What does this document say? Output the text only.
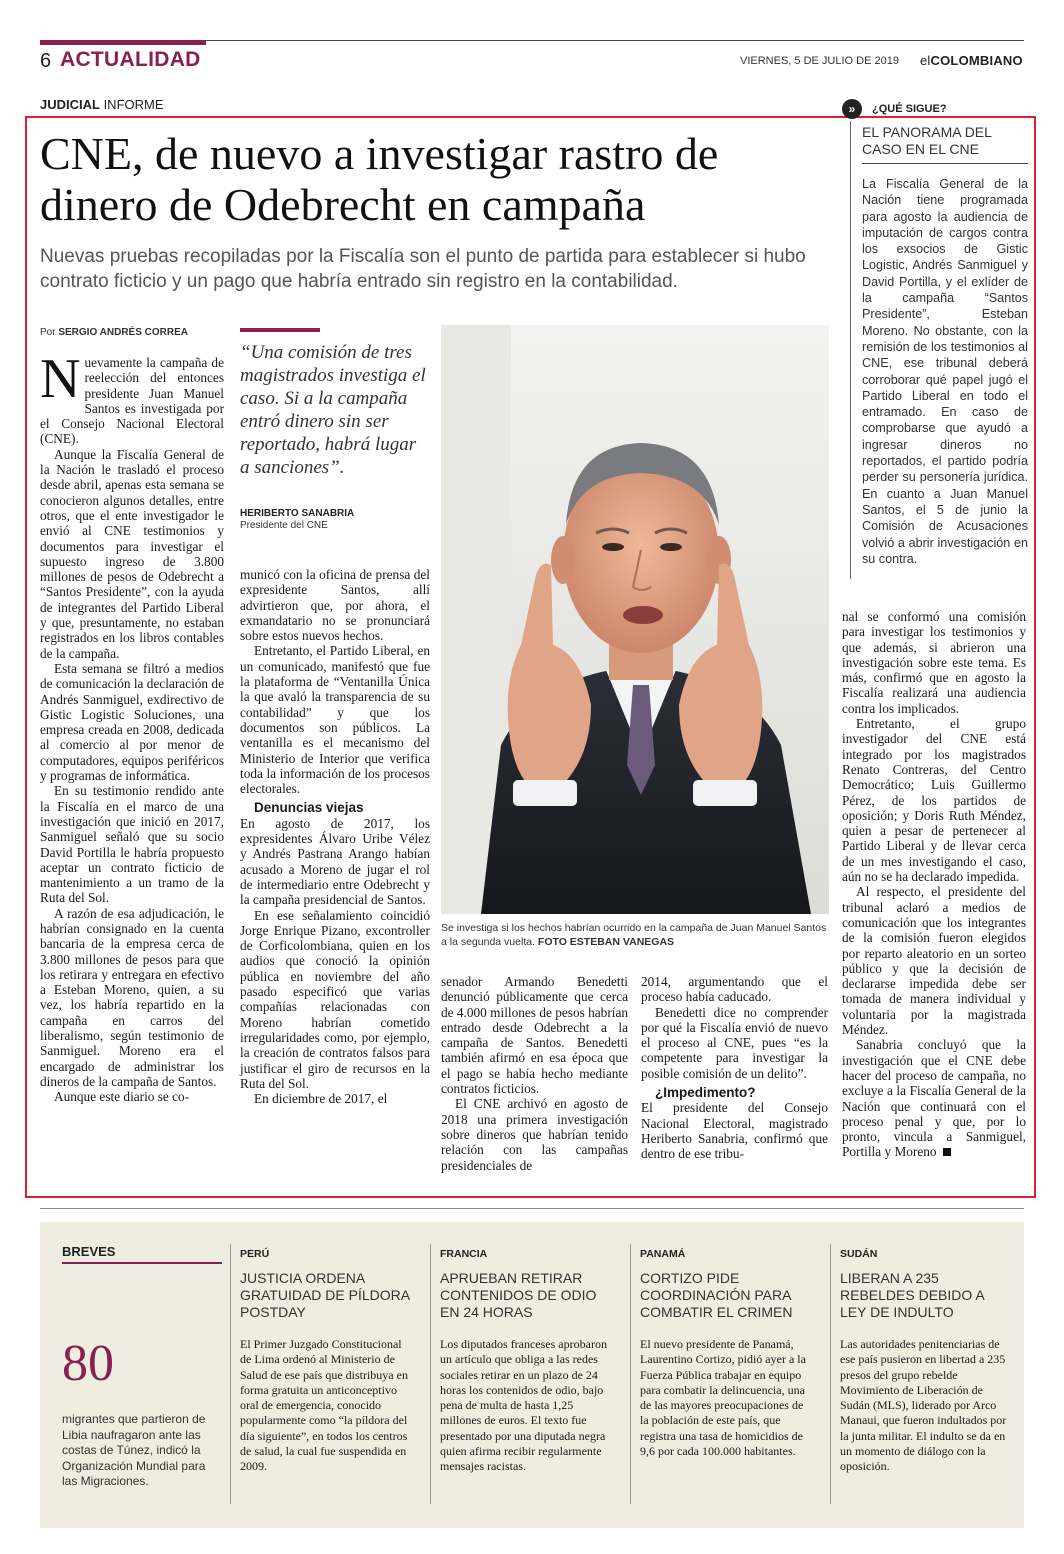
6 ACTUALIDAD	VIERNES, 5 DE JULIO DE 2019 elCOLOMBIANO
JUDICIAL INFORME
CNE, de nuevo a investigar rastro de dinero de Odebrecht en campaña
Nuevas pruebas recopiladas por la Fiscalía son el punto de partida para establecer si hubo contrato ficticio y un pago que habría entrado sin registro en la contabilidad.
»	¿QUÉ SIGUE?
EL PANORAMA DEL CASO EN EL CNE
La Fiscalía General de la Nación tiene programada para agosto la audiencia de imputación de cargos contra los exsocios de Gistic Logistic, Andrés Sanmiguel y David Portilla, y el exlíder de la campaña “Santos Presidente”, Esteban Moreno. No obstante, con la remisión de los testimonios al CNE, ese tribunal deberá corroborar qué papel jugó el Partido Liberal en todo el entramado. En caso de comprobarse que ayudó a ingresar dineros no reportados, el partido podría perder su personería jurídica. En cuanto a Juan Manuel Santos, el 5 de junio la Comisión de Acusaciones volvió a abrir investigación en su contra.
Por SERGIO ANDRÉS CORREA

Nuevamente la campaña de reelección del entonces presidente Juan Manuel Santos es investigada por el Consejo Nacional Electoral (CNE).

Aunque la Fiscalía General de la Nación le trasladó el proceso desde abril, apenas esta semana se conocieron algunos detalles, entre otros, que el ente investigador le envió al CNE testimonios y documentos para investigar el supuesto ingreso de 3.800 millones de pesos de Odebrecht a “Santos Presidente”, con la ayuda de integrantes del Partido Liberal y que, presuntamente, no estaban registrados en los libros contables de la campaña.

Esta semana se filtró a medios de comunicación la declaración de Andrés Sanmiguel, exdirectivo de Gistic Logistic Soluciones, una empresa creada en 2008, dedicada al comercio al por menor de computadores, equipos periféricos y programas de informática.

En su testimonio rendido ante la Fiscalía en el marco de una investigación que inició en 2017, Sanmiguel señaló que su socio David Portilla le habría propuesto aceptar un contrato ficticio de mantenimiento a un tramo de la Ruta del Sol.

A razón de esa adjudicación, le habrían consignado en la cuenta bancaria de la empresa cerca de 3.800 millones de pesos para que los retirara y entregara en efectivo a Esteban Moreno, quien, a su vez, los habría repartido en la campaña en carros del liberalismo, según testimonio de Sanmiguel. Moreno era el encargado de administrar los dineros de la campaña de Santos.

Aunque este diario se co-

“Una comisión de tres magistrados investiga el caso. Si a la campaña entró dinero sin ser reportado, habrá lugar a sanciones”.
HERIBERTO SANABRIA
Presidente del CNE

municó con la oficina de prensa del expresidente Santos, allí advirtieron que, por ahora, el exmandatario no se pronunciará sobre estos nuevos hechos.

Entretanto, el Partido Liberal, en un comunicado, manifestó que fue la plataforma de “Ventanilla Única la que avaló la transparencia de su contabilidad” y que los documentos son públicos. La ventanilla es el mecanismo del Ministerio de Interior que verifica toda la información de los procesos electorales.

Denuncias viejas

En agosto de 2017, los expresidentes Álvaro Uribe Vélez y Andrés Pastrana Arango habían acusado a Moreno de jugar el rol de intermediario entre Odebrecht y la campaña presidencial de Santos.

En ese señalamiento coincidió Jorge Enrique Pizano, excontroller de Corficolombiana, quien en los audios que conoció la opinión pública en noviembre del año pasado especificó que varias compañías relacionadas con Moreno habrían cometido irregularidades como, por ejemplo, la creación de contratos falsos para justificar el giro de recursos en la Ruta del Sol.

En diciembre de 2017, el

Se investiga si los hechos habrían ocurrido en la campaña de Juan Manuel Santos a la segunda vuelta. FOTO ESTEBAN VANEGAS

senador Armando Benedetti denunció públicamente que cerca de 4.000 millones de pesos habrían entrado desde Odebrecht a la campaña de Santos. Benedetti también afirmó en esa época que el pago se había hecho mediante contratos ficticios.

El CNE archivó en agosto de 2018 una primera investigación sobre dineros que habrían tenido relación con las campañas presidenciales de

2014, argumentando que el proceso había caducado.

Benedetti dice no comprender por qué la Fiscalía envió de nuevo el proceso al CNE, pues “es la competente para investigar la posible comisión de un delito”.

¿Impedimento?

El presidente del Consejo Nacional Electoral, magistrado Heriberto Sanabria, confirmó que dentro de ese tribu-

nal se conformó una comisión para investigar los testimonios y que además, si abrieron una investigación sobre este tema. Es más, confirmó que en agosto la Fiscalía realizará una audiencia contra los implicados.

Entretanto, el grupo investigador del CNE está integrado por los magistrados Renato Contreras, del Centro Democrático; Luis Guillermo Pérez, de los partidos de oposición; y Doris Ruth Méndez, quien a pesar de pertenecer al Partido Liberal y de llevar cerca de un mes investigando el caso, aún no se ha declarado impedida.

Al respecto, el presidente del tribunal aclaró a medios de comunicación que los integrantes de la comisión fueron elegidos por reparto aleatorio en un sorteo público y que la decisión de declararse impedida debe ser tomada de manera individual y voluntaria por la magistrada Méndez.

Sanabria concluyó que la investigación que el CNE debe hacer del proceso de campaña, no excluye a la Fiscalía General de la Nación que continuará con el proceso penal y que, por lo pronto, vincula a Sanmiguel, Portilla y Moreno

BREVES
80
migrantes que partieron de Libia naufragaron ante las costas de Túnez, indicó la Organización Mundial para las Migraciones.
PERÚ
JUSTICIA ORDENA GRATUIDAD DE PÍLDORA POSTDAY
El Primer Juzgado Constitucional de Lima ordenó al Ministerio de Salud de ese país que distribuya en forma gratuita un anticonceptivo oral de emergencia, conocido popularmente como “la píldora del día siguiente”, en todos los centros de salud, la cual fue suspendida en 2009.
FRANCIA
APRUEBAN RETIRAR CONTENIDOS DE ODIO EN 24 HORAS
Los diputados franceses aprobaron un artículo que obliga a las redes sociales retirar en un plazo de 24 horas los contenidos de odio, bajo pena de multa de hasta 1,25 millones de euros. El texto fue presentado por una diputada negra quien afirma recibir regularmente mensajes racistas.
PANAMÁ
CORTIZO PIDE COORDINACIÓN PARA COMBATIR EL CRIMEN
El nuevo presidente de Panamá, Laurentino Cortizo, pidió ayer a la Fuerza Pública trabajar en equipo para combatir la delincuencia, una de las mayores preocupaciones de la población de este país, que registra una tasa de homicidios de 9,6 por cada 100.000 habitantes.
SUDÁN
LIBERAN A 235 REBELDES DEBIDO A LEY DE INDULTO
Las autoridades penitenciarias de ese país pusieron en libertad a 235 presos del grupo rebelde Movimiento de Liberación de Sudán (MLS), liderado por Arco Manaui, que fueron indultados por la junta militar. El indulto se da en un momento de diálogo con la oposición.
